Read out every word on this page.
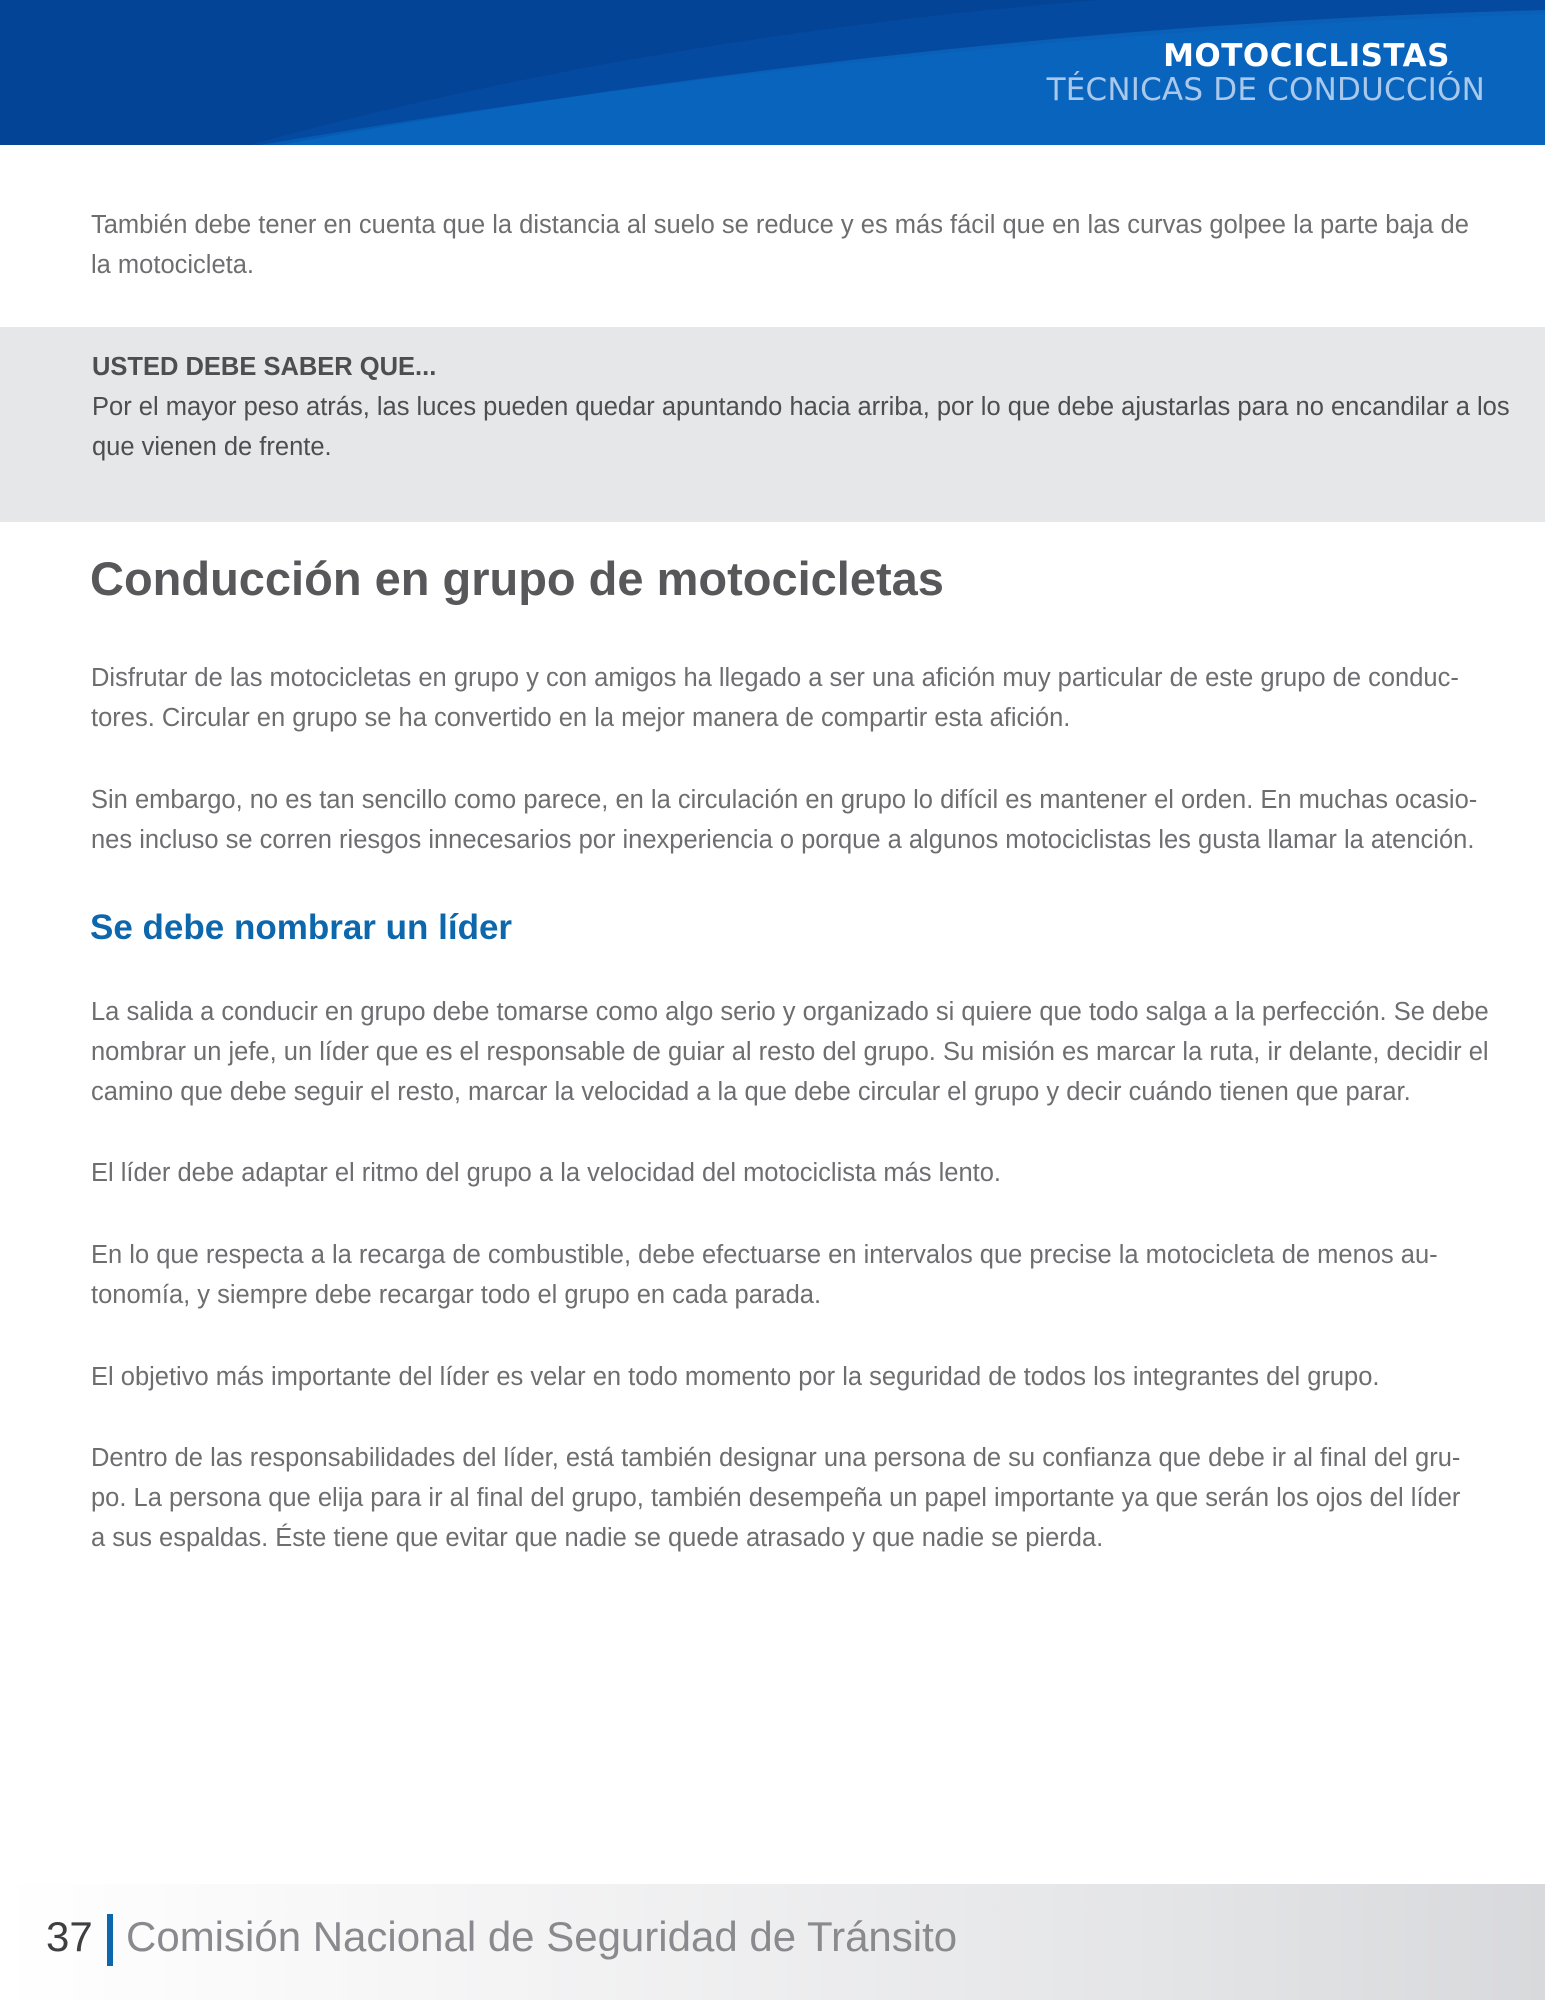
MOTOCICLISTAS
TÉCNICAS DE CONDUCCIÓN

También debe tener en cuenta que la distancia al suelo se reduce y es más fácil que en las curvas golpee la parte baja de
la motocicleta.

USTED DEBE SABER QUE...

Por el mayor peso atrás, las luces pueden quedar apuntando hacia arriba, por lo que debe ajustarlas para no encandilar a los
que vienen de frente.

Conducción en grupo de motocicletas

Disfrutar de las motocicletas en grupo y con amigos ha llegado a ser una afición muy particular de este grupo de conduc-
tores. Circular en grupo se ha convertido en la mejor manera de compartir esta afición.

Sin embargo, no es tan sencillo como parece, en la circulación en grupo lo difícil es mantener el orden. En muchas ocasio-
nes incluso se corren riesgos innecesarios por inexperiencia o porque a algunos motociclistas les gusta llamar la atención.

Se debe nombrar un líder

La salida a conducir en grupo debe tomarse como algo serio y organizado si quiere que todo salga a la perfección. Se debe
nombrar un jefe, un líder que es el responsable de guiar al resto del grupo. Su misión es marcar la ruta, ir delante, decidir el
camino que debe seguir el resto, marcar la velocidad a la que debe circular el grupo y decir cuándo tienen que parar.

El líder debe adaptar el ritmo del grupo a la velocidad del motociclista más lento.

En lo que respecta a la recarga de combustible, debe efectuarse en intervalos que precise la motocicleta de menos au-
tonomía, y siempre debe recargar todo el grupo en cada parada.

El objetivo más importante del líder es velar en todo momento por la seguridad de todos los integrantes del grupo.

Dentro de las responsabilidades del líder, está también designar una persona de su confianza que debe ir al final del gru-
po. La persona que elija para ir al final del grupo, también desempeña un papel importante ya que serán los ojos del líder
a sus espaldas. Éste tiene que evitar que nadie se quede atrasado y que nadie se pierda.

37 Comisión Nacional de Seguridad de Tránsito
